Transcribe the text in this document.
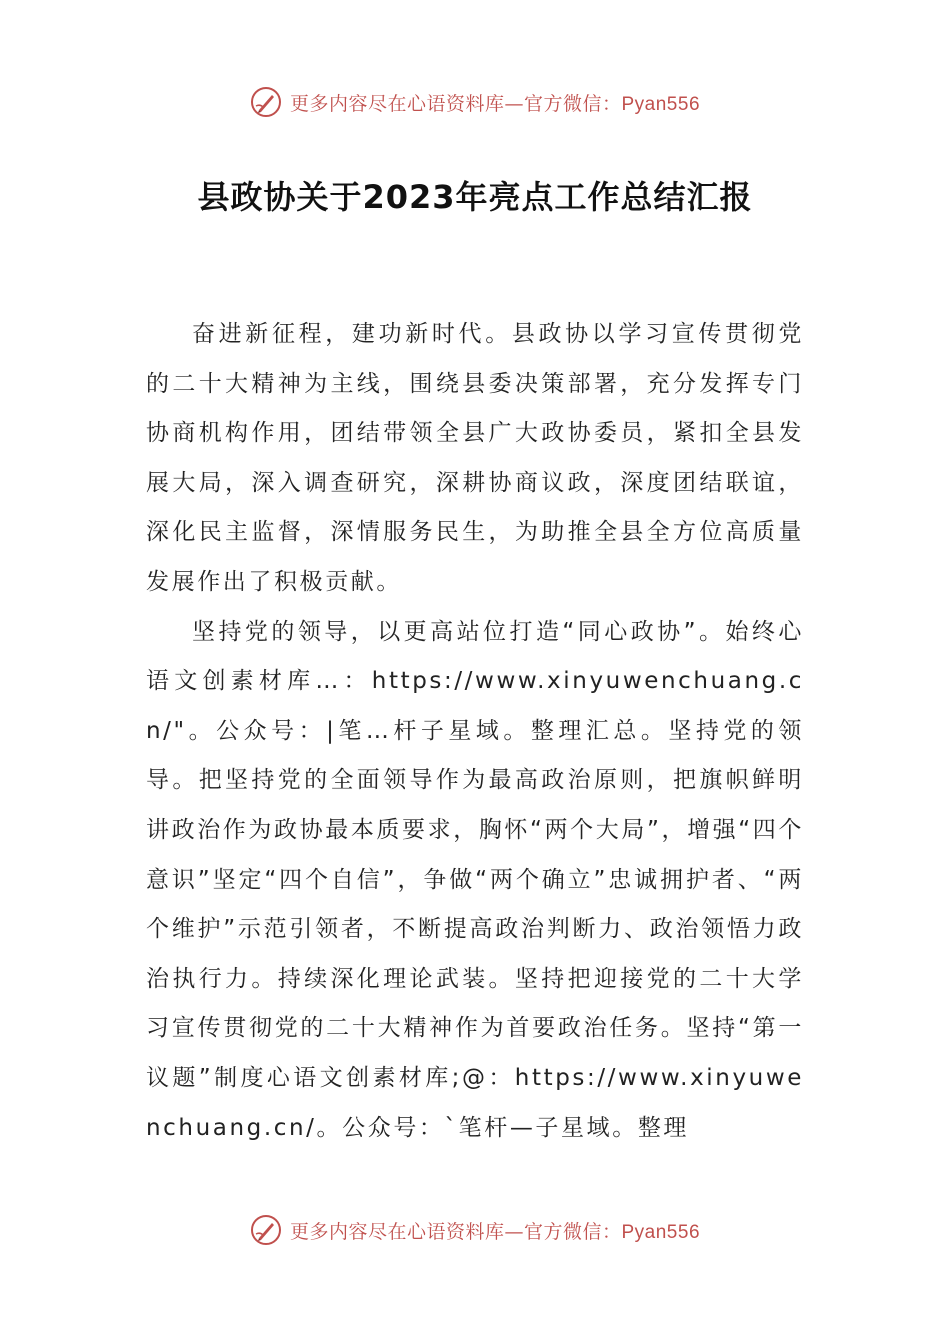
更多内容尽在心语资料库—官方微信：Pyan556
县政协关于2023年亮点工作总结汇报

奋进新征程，建功新时代。县政协以学习宣传贯彻党的二十大精神为主线，围绕县委决策部署，充分发挥专门协商机构作用，团结带领全县广大政协委员，紧扣全县发展大局，深入调查研究，深耕协商议政，深度团结联谊，深化民主监督，深情服务民生，为助推全县全方位高质量发展作出了积极贡献。

坚持党的领导，以更高站位打造“同心政协”。始终心语文创素材库…：https://www.xinyuwenchuang.cn/"。公众号：|笔…杆子星域。整理汇总。坚持党的领导。把坚持党的全面领导作为最高政治原则，把旗帜鲜明讲政治作为政协最本质要求，胸怀“两个大局”，增强“四个意识”坚定“四个自信”，争做“两个确立”忠诚拥护者、“两个维护”示范引领者，不断提高政治判断力、政治领悟力政治执行力。持续深化理论武装。坚持把迎接党的二十大学习宣传贯彻党的二十大精神作为首要政治任务。坚持“第一议题”制度心语文创素材库;@：https://www.xinyuwenchuang.cn/。公众号：`笔杆—子星域。整理

更多内容尽在心语资料库—官方微信：Pyan556
